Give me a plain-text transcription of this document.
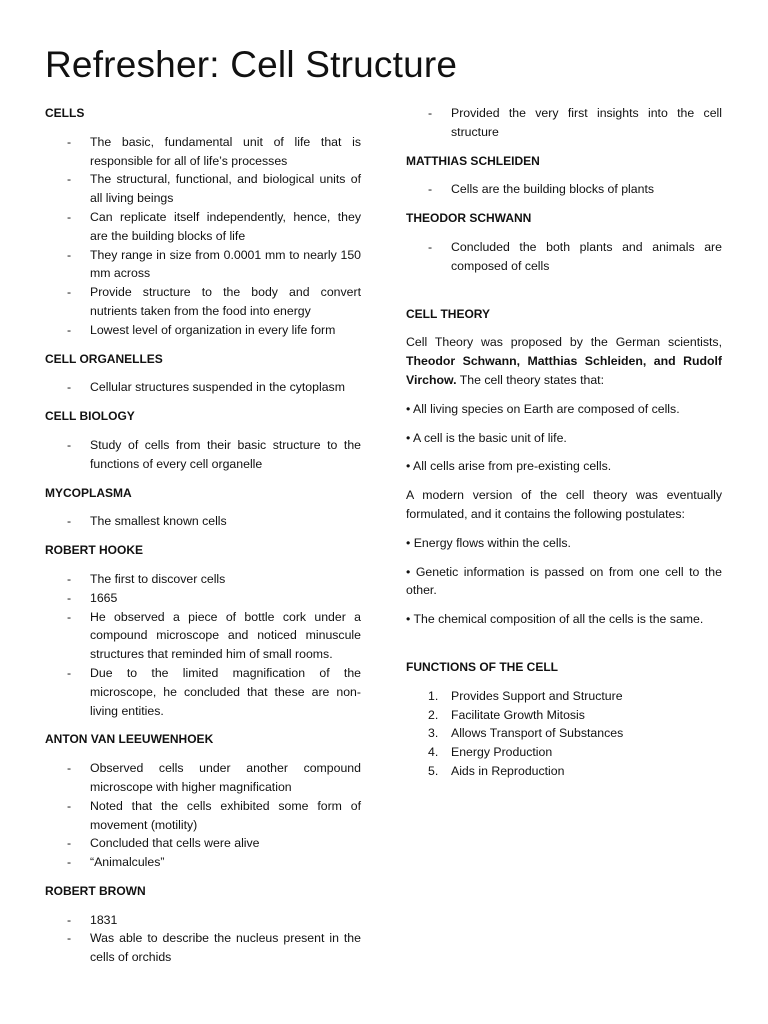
Refresher: Cell Structure
CELLS
- The basic, fundamental unit of life that is responsible for all of life’s processes
- The structural, functional, and biological units of all living beings
- Can replicate itself independently, hence, they are the building blocks of life
- They range in size from 0.0001 mm to nearly 150 mm across
- Provide structure to the body and convert nutrients taken from the food into energy
- Lowest level of organization in every life form
CELL ORGANELLES
- Cellular structures suspended in the cytoplasm
CELL BIOLOGY
- Study of cells from their basic structure to the functions of every cell organelle
MYCOPLASMA
- The smallest known cells
ROBERT HOOKE
- The first to discover cells
- 1665
- He observed a piece of bottle cork under a compound microscope and noticed minuscule structures that reminded him of small rooms.
- Due to the limited magnification of the microscope, he concluded that these are non-living entities.
ANTON VAN LEEUWENHOEK
- Observed cells under another compound microscope with higher magnification
- Noted that the cells exhibited some form of movement (motility)
- Concluded that cells were alive
- “Animalcules”
ROBERT BROWN
- 1831
- Was able to describe the nucleus present in the cells of orchids
- Provided the very first insights into the cell structure
MATTHIAS SCHLEIDEN
- Cells are the building blocks of plants
THEODOR SCHWANN
- Concluded the both plants and animals are composed of cells
CELL THEORY

Cell Theory was proposed by the German scientists, Theodor Schwann, Matthias Schleiden, and Rudolf Virchow. The cell theory states that:

• All living species on Earth are composed of cells.

• A cell is the basic unit of life.

• All cells arise from pre-existing cells.

A modern version of the cell theory was eventually formulated, and it contains the following postulates:

• Energy flows within the cells.

• Genetic information is passed on from one cell to the other.

• The chemical composition of all the cells is the same.

FUNCTIONS OF THE CELL
1. Provides Support and Structure
2. Facilitate Growth Mitosis
3. Allows Transport of Substances
4. Energy Production
5. Aids in Reproduction
